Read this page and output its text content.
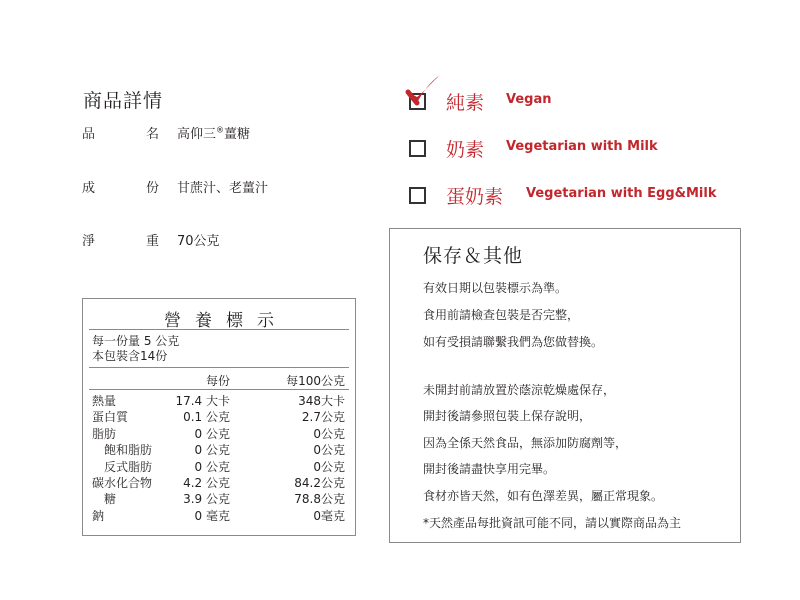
商品詳情
品	名 高仰三®薑糖
成	份 甘蔗汁、老薑汁
淨	重 70公克
營養標示
每一份量 5 公克
本包裝含14份
每份	每100公克
熱量	17.4 大卡	348大卡
蛋白質	0.1 公克	2.7公克
脂肪	0 公克	0公克
飽和脂肪	0 公克	0公克
反式脂肪	0 公克	0公克
碳水化合物	4.2 公克	84.2公克
糖	3.9 公克	78.8公克
鈉	0 毫克	0毫克
純素 Vegan
奶素 Vegetarian with Milk
蛋奶素 Vegetarian with Egg&Milk
保存＆其他
有效日期以包裝標示為準。
食用前請檢查包裝是否完整，
如有受損請聯繫我們為您做替換。
未開封前請放置於蔭涼乾燥處保存，
開封後請參照包裝上保存說明，
因為全係天然食品，無添加防腐劑等，
開封後請盡快享用完畢。
食材亦皆天然，如有色澤差異，屬正常現象。
*天然產品每批資訊可能不同，請以實際商品為主
